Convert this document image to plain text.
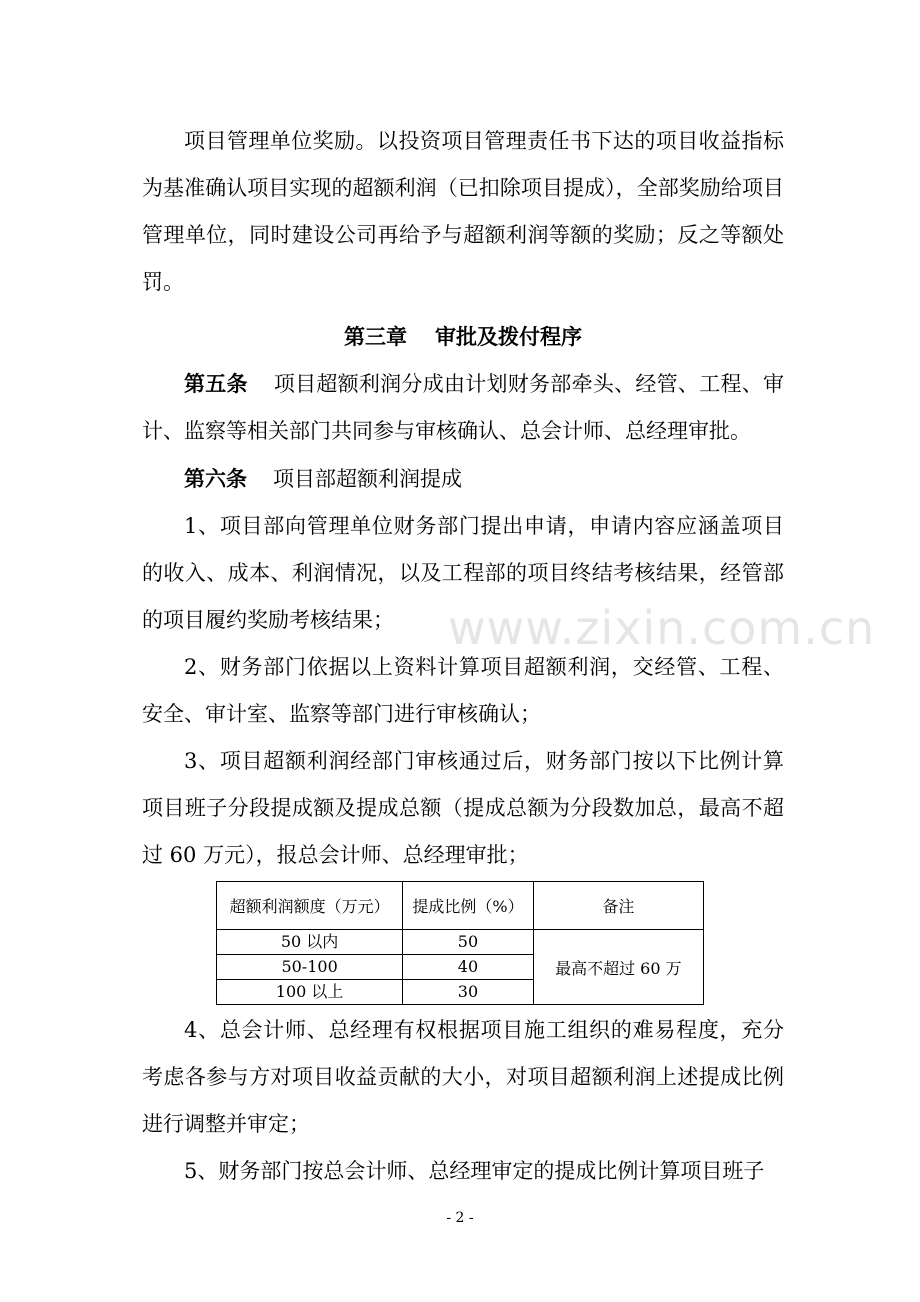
项目管理单位奖励。以投资项目管理责任书下达的项目收益指标为基准确认项目实现的超额利润（已扣除项目提成），全部奖励给项目管理单位，同时建设公司再给予与超额利润等额的奖励；反之等额处罚。

第三章 审批及拨付程序

第五条 项目超额利润分成由计划财务部牵头、经管、工程、审计、监察等相关部门共同参与审核确认、总会计师、总经理审批。

第六条 项目部超额利润提成

1、项目部向管理单位财务部门提出申请，申请内容应涵盖项目的收入、成本、利润情况，以及工程部的项目终结考核结果，经管部的项目履约奖励考核结果；

2、财务部门依据以上资料计算项目超额利润，交经管、工程、安全、审计室、监察等部门进行审核确认；

3、项目超额利润经部门审核通过后，财务部门按以下比例计算项目班子分段提成额及提成总额（提成总额为分段数加总，最高不超过 60 万元），报总会计师、总经理审批；

超额利润额度（万元）	提成比例（%）	备注
50 以内	50	最高不超过 60 万
50-100	40	
100 以上	30	

4、总会计师、总经理有权根据项目施工组织的难易程度，充分考虑各参与方对项目收益贡献的大小，对项目超额利润上述提成比例进行调整并审定；

5、财务部门按总会计师、总经理审定的提成比例计算项目班子

www.zixin.com.cn
- 2 -
